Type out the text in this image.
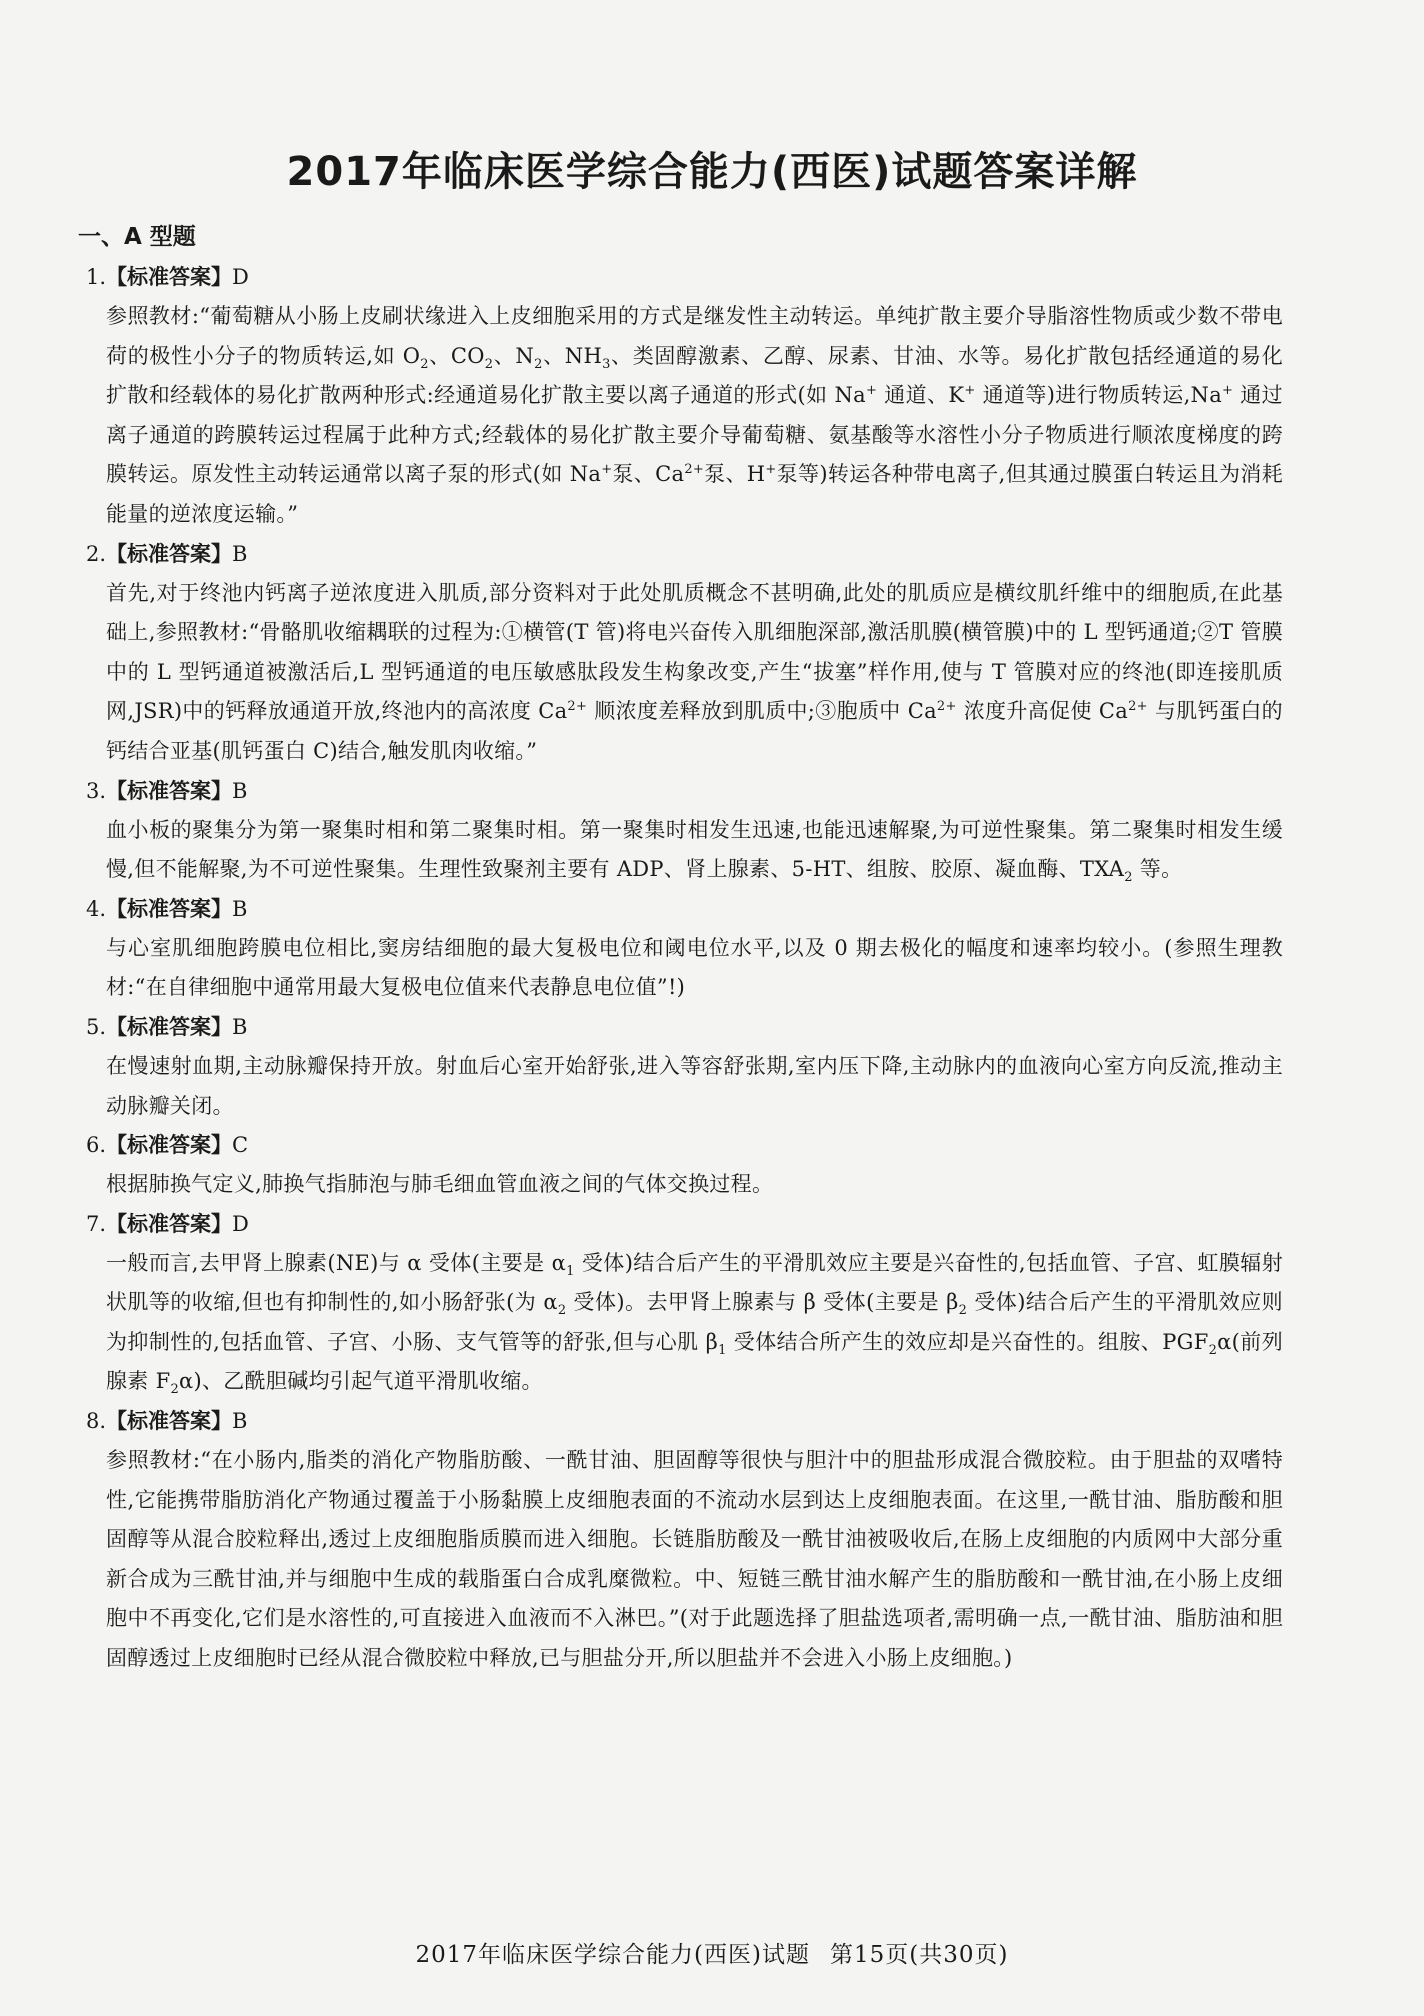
2017年临床医学综合能力(西医)试题答案详解
一、A 型题
1.【标准答案】D

参照教材:“葡萄糖从小肠上皮刷状缘进入上皮细胞采用的方式是继发性主动转运。单纯扩散主要介导脂溶性物质或少数不带电荷的极性小分子的物质转运,如 $O_2$、$CO_2$、$N_2$、$NH_3$、类固醇激素、乙醇、尿素、甘油、水等。易化扩散包括经通道的易化扩散和经载体的易化扩散两种形式:经通道易化扩散主要以离子通道的形式(如 Na+ 通道、K+ 通道等)进行物质转运,Na+ 通过离子通道的跨膜转运过程属于此种方式;经载体的易化扩散主要介导葡萄糖、氨基酸等水溶性小分子物质进行顺浓度梯度的跨膜转运。原发性主动转运通常以离子泵的形式(如 Na+泵、$Ca^{2+}$泵、H+泵等)转运各种带电离子,但其通过膜蛋白转运且为消耗能量的逆浓度运输。”

2.【标准答案】B

首先,对于终池内钙离子逆浓度进入肌质,部分资料对于此处肌质概念不甚明确,此处的肌质应是横纹肌纤维中的细胞质,在此基础上,参照教材:“骨骼肌收缩耦联的过程为:①横管(T 管)将电兴奋传入肌细胞深部,激活肌膜(横管膜)中的 L 型钙通道;②T 管膜中的 L 型钙通道被激活后,L 型钙通道的电压敏感肽段发生构象改变,产生“拔塞”样作用,使与 T 管膜对应的终池(即连接肌质网,JSR)中的钙释放通道开放,终池内的高浓度 $Ca^{2+}$ 顺浓度差释放到肌质中;③胞质中 $Ca^{2+}$ 浓度升高促使 $Ca^{2+}$ 与肌钙蛋白的钙结合亚基(肌钙蛋白 C)结合,触发肌肉收缩。”

3.【标准答案】B

血小板的聚集分为第一聚集时相和第二聚集时相。第一聚集时相发生迅速,也能迅速解聚,为可逆性聚集。第二聚集时相发生缓慢,但不能解聚,为不可逆性聚集。生理性致聚剂主要有 ADP、肾上腺素、5-HT、组胺、胶原、凝血酶、$TXA_2$ 等。

4.【标准答案】B

与心室肌细胞跨膜电位相比,窦房结细胞的最大复极电位和阈电位水平,以及 0 期去极化的幅度和速率均较小。(参照生理教材:“在自律细胞中通常用最大复极电位值来代表静息电位值”!)

5.【标准答案】B

在慢速射血期,主动脉瓣保持开放。射血后心室开始舒张,进入等容舒张期,室内压下降,主动脉内的血液向心室方向反流,推动主动脉瓣关闭。

6.【标准答案】C

根据肺换气定义,肺换气指肺泡与肺毛细血管血液之间的气体交换过程。

7.【标准答案】D

一般而言,去甲肾上腺素(NE)与 α 受体(主要是 $\alpha_1$ 受体)结合后产生的平滑肌效应主要是兴奋性的,包括血管、子宫、虹膜辐射状肌等的收缩,但也有抑制性的,如小肠舒张(为 $\alpha_2$ 受体)。去甲肾上腺素与 β 受体(主要是 $\beta_2$ 受体)结合后产生的平滑肌效应则为抑制性的,包括血管、子宫、小肠、支气管等的舒张,但与心肌 $\beta_1$ 受体结合所产生的效应却是兴奋性的。组胺、$PGF_2\alpha$(前列腺素 $F_2\alpha$)、乙酰胆碱均引起气道平滑肌收缩。

8.【标准答案】B

参照教材:“在小肠内,脂类的消化产物脂肪酸、一酰甘油、胆固醇等很快与胆汁中的胆盐形成混合微胶粒。由于胆盐的双嗜特性,它能携带脂肪消化产物通过覆盖于小肠黏膜上皮细胞表面的不流动水层到达上皮细胞表面。在这里,一酰甘油、脂肪酸和胆固醇等从混合胶粒释出,透过上皮细胞脂质膜而进入细胞。长链脂肪酸及一酰甘油被吸收后,在肠上皮细胞的内质网中大部分重新合成为三酰甘油,并与细胞中生成的载脂蛋白合成乳糜微粒。中、短链三酰甘油水解产生的脂肪酸和一酰甘油,在小肠上皮细胞中不再变化,它们是水溶性的,可直接进入血液而不入淋巴。”(对于此题选择了胆盐选项者,需明确一点,一酰甘油、脂肪油和胆固醇透过上皮细胞时已经从混合微胶粒中释放,已与胆盐分开,所以胆盐并不会进入小肠上皮细胞。)

2017年临床医学综合能力(西医)试题 第15页(共30页)
